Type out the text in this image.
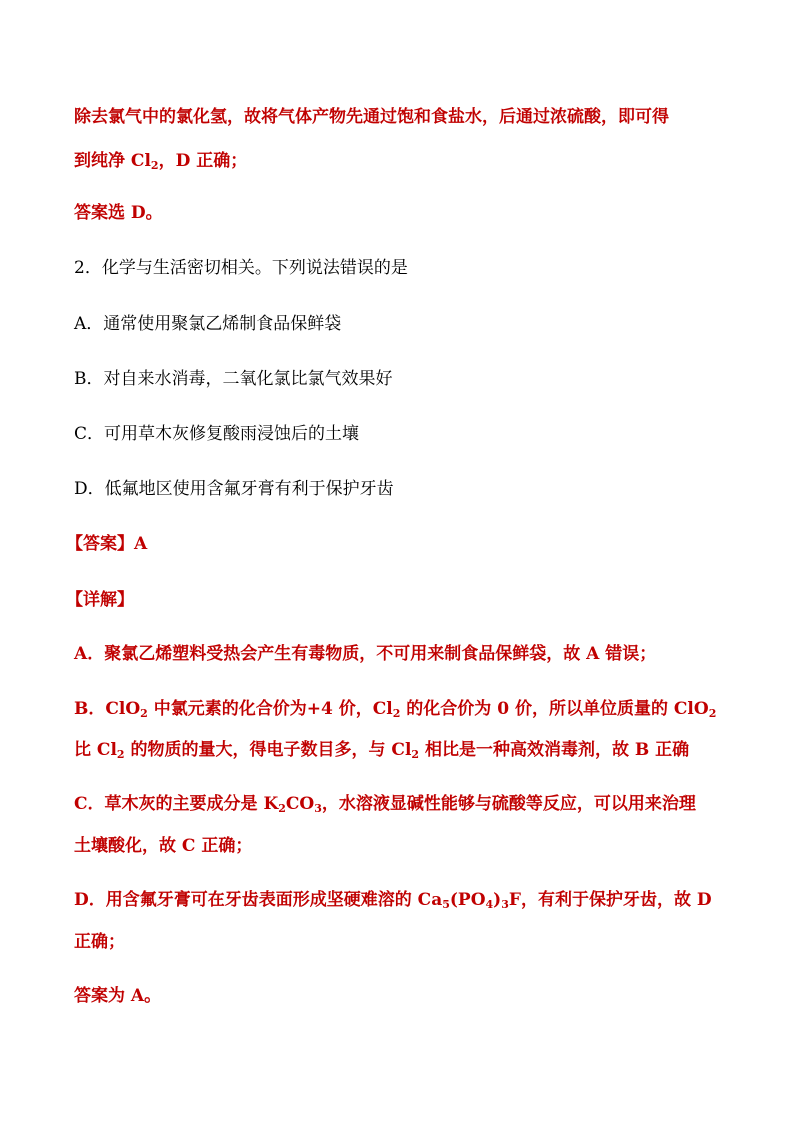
除去氯气中的氯化氢，故将气体产物先通过饱和食盐水，后通过浓硫酸，即可得
到纯净 $Cl_2$，D 正确；
答案选 D。
2．化学与生活密切相关。下列说法错误的是
A．通常使用聚氯乙烯制食品保鲜袋
B．对自来水消毒，二氧化氯比氯气效果好
C．可用草木灰修复酸雨浸蚀后的土壤
D．低氟地区使用含氟牙膏有利于保护牙齿
【答案】A
【详解】
A．聚氯乙烯塑料受热会产生有毒物质，不可用来制食品保鲜袋，故 A 错误；
B．ClO$_2$ 中氯元素的化合价为+4 价，$Cl_2$ 的化合价为 0 价，所以单位质量的 ClO$_2$
比 $Cl_2$ 的物质的量大，得电子数目多，与 $Cl_2$ 相比是一种高效消毒剂，故 B 正确
C．草木灰的主要成分是 $K_2CO_3$，水溶液显碱性能够与硫酸等反应，可以用来治理
土壤酸化，故 C 正确；
D．用含氟牙膏可在牙齿表面形成坚硬难溶的 $Ca_5(PO_4)_3F$，有利于保护牙齿，故 D
正确；
答案为 A。
